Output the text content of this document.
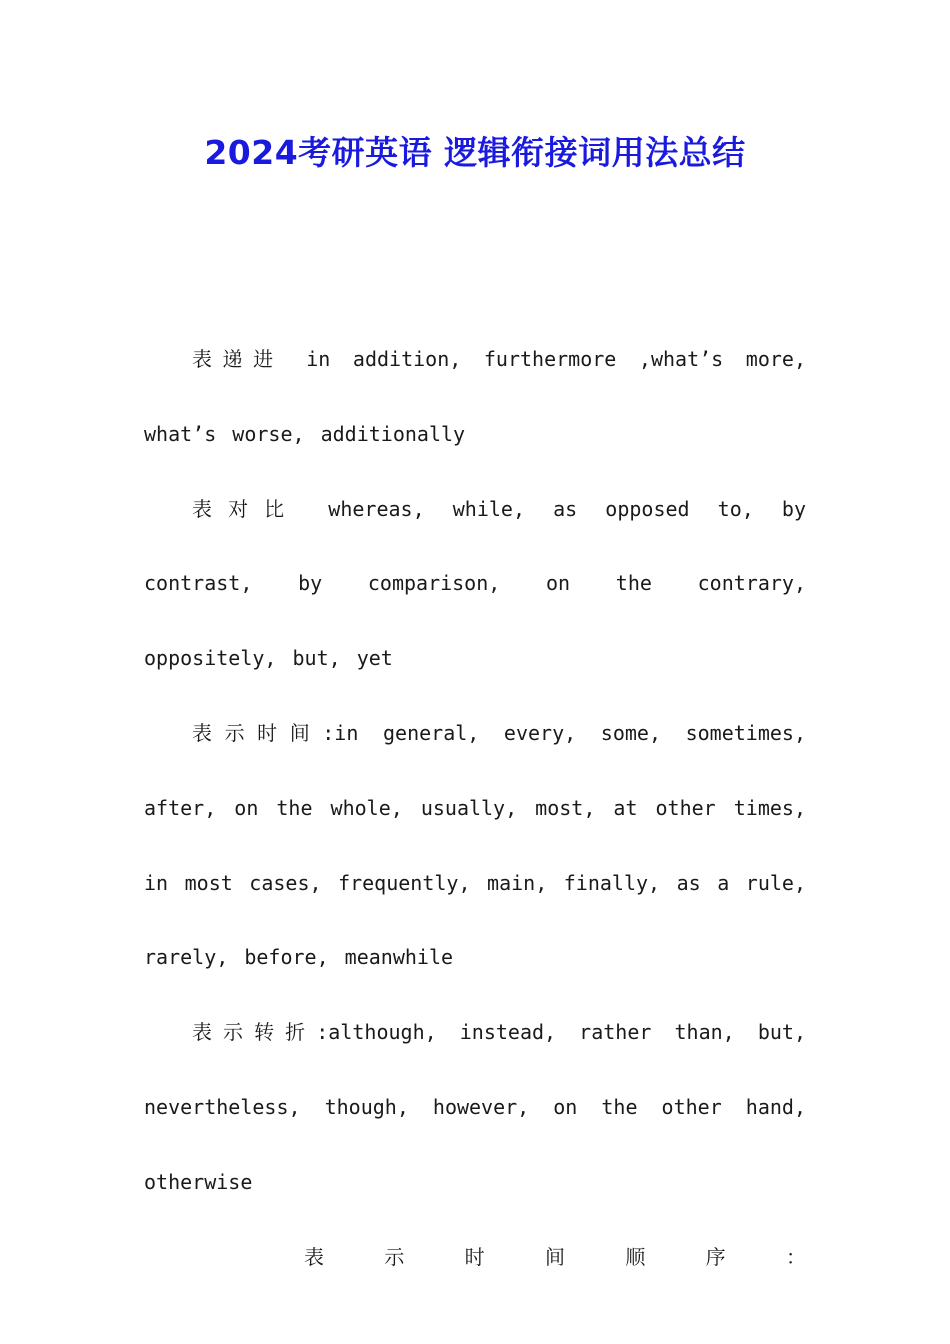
2024考研英语 逻辑衔接词用法总结

表递进 in addition, furthermore ,what’s more, what’s worse, additionally

表对比 whereas, while, as opposed to, by contrast, by comparison, on the contrary, oppositely, but, yet

表示时间:in general, every, some, sometimes, after, on the whole, usually, most, at other times, in most cases, frequently, main, finally, as a rule, rarely, before, meanwhile

表示转折:although, instead, rather than, but, nevertheless, though, however, on the other hand, otherwise

表	示	时	间	顺	序	：
